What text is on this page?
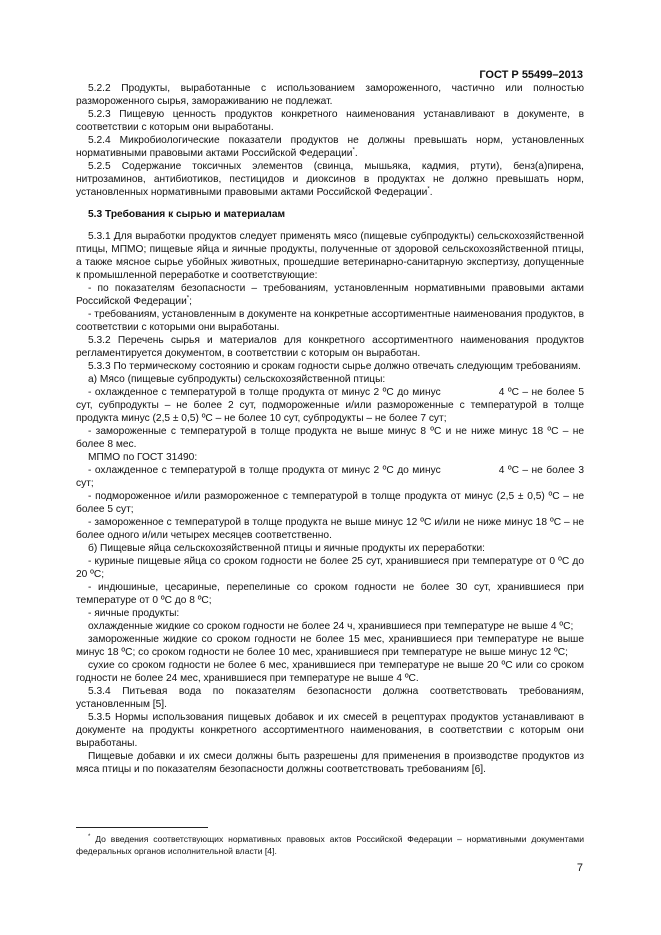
ГОСТ Р 55499–2013

5.2.2 Продукты, выработанные с использованием замороженного, частично или полностью размороженного сырья, замораживанию не подлежат.

5.2.3 Пищевую ценность продуктов конкретного наименования устанавливают в документе, в соответствии с которым они выработаны.

5.2.4 Микробиологические показатели продуктов не должны превышать норм, установленных нормативными правовыми актами Российской Федерации*.

5.2.5 Содержание токсичных элементов (свинца, мышьяка, кадмия, ртути), бенз(а)пирена, нитрозаминов, антибиотиков, пестицидов и диоксинов в продуктах не должно превышать норм, установленных нормативными правовыми актами Российской Федерации*.

5.3 Требования к сырью и материалам

5.3.1 Для выработки продуктов следует применять мясо (пищевые субпродукты) сельскохозяйственной птицы, МПМО; пищевые яйца и яичные продукты, полученные от здоровой сельскохозяйственной птицы, а также мясное сырье убойных животных, прошедшие ветеринарно-санитарную экспертизу, допущенные к промышленной переработке и соответствующие:

- по показателям безопасности – требованиям, установленным нормативными правовыми актами Российской Федерации*;

- требованиям, установленным в документе на конкретные ассортиментные наименования продуктов, в соответствии с которыми они выработаны.

5.3.2 Перечень сырья и материалов для конкретного ассортиментного наименования продуктов регламентируется документом, в соответствии с которым он выработан.

5.3.3 По термическому состоянию и срокам годности сырье должно отвечать следующим требованиям.

а) Мясо (пищевые субпродукты) сельскохозяйственной птицы:

- охлажденное с температурой в толще продукта от минус 2 ºС до минус	4 ºС – не более 5 сут, субпродукты – не более 2 сут, подмороженные и/или размороженные с температурой в толще продукта минус (2,5 ± 0,5) ºС – не более 10 сут, субпродукты – не более 7 сут;

- замороженные с температурой в толще продукта не выше минус 8 ºС и не ниже минус 18 ºС – не более 8 мес.

МПМО по ГОСТ 31490:

- охлажденное с температурой в толще продукта от минус 2 ºС до минус	4 ºС – не более 3 сут;

- подмороженное и/или размороженное с температурой в толще продукта от минус (2,5 ± 0,5) ºС – не более 5 сут;

- замороженное с температурой в толще продукта не выше минус 12 ºС и/или не ниже минус 18 ºС – не более одного и/или четырех месяцев соответственно.

б) Пищевые яйца сельскохозяйственной птицы и яичные продукты их переработки:

- куриные пищевые яйца со сроком годности не более 25 сут, хранившиеся при температуре от 0 ºС до 20 ºС;

- индюшиные, цесариные, перепелиные со сроком годности не более 30 сут, хранившиеся при температуре от 0 ºС до 8 ºС;

- яичные продукты:

охлажденные жидкие со сроком годности не более 24 ч, хранившиеся при температуре не выше 4 ºС;

замороженные жидкие со сроком годности не более 15 мес, хранившиеся при температуре не выше минус 18 ºС; со сроком годности не более 10 мес, хранившиеся при температуре не выше минус 12 ºС;

сухие со сроком годности не более 6 мес, хранившиеся при температуре не выше 20 ºС или со сроком годности не более 24 мес, хранившиеся при температуре не выше 4 ºС.

5.3.4 Питьевая вода по показателям безопасности должна соответствовать требованиям, установленным [5].

5.3.5 Нормы использования пищевых добавок и их смесей в рецептурах продуктов устанавливают в документе на продукты конкретного ассортиментного наименования, в соответствии с которым они выработаны.

Пищевые добавки и их смеси должны быть разрешены для применения в производстве продуктов из мяса птицы и по показателям безопасности должны соответствовать требованиям [6].

* До введения соответствующих нормативных правовых актов Российской Федерации – нормативными документами федеральных органов исполнительной власти [4].
7
